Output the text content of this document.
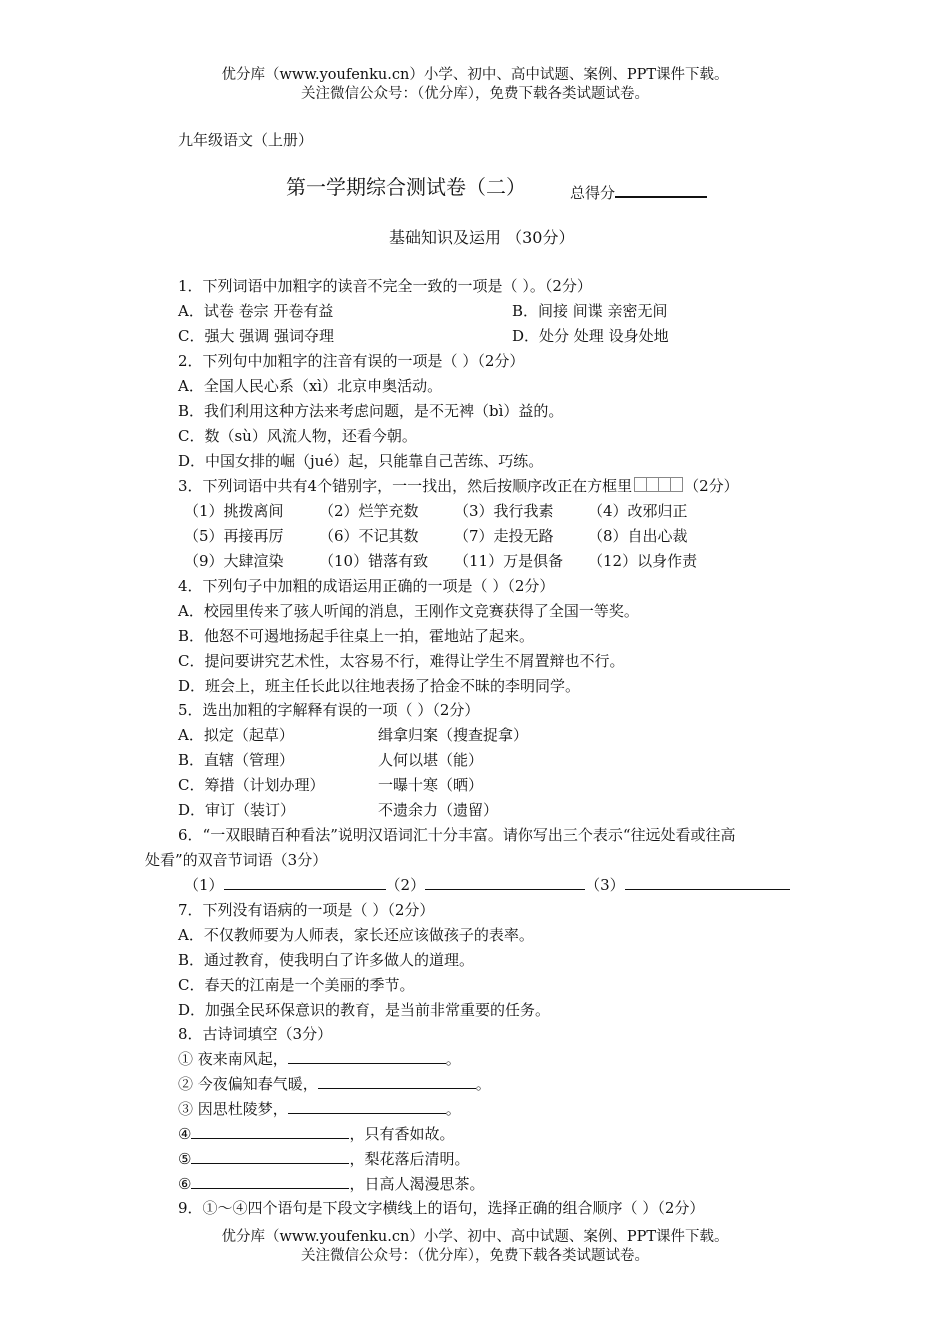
优分库（www.youfenku.cn）小学、初中、高中试题、案例、PPT课件下载。
关注微信公众号：（优分库），免费下载各类试题试卷。
九年级语文（上册）
第一学期综合测试卷（二）	总得分
基础知识及运用 （30分）
1．下列词语中加粗字的读音不完全一致的一项是（ ）。（2分）
A．试卷 卷宗 开卷有益	B．间接 间谍 亲密无间
C．强大 强调 强词夺理	D．处分 处理 设身处地
2．下列句中加粗字的注音有误的一项是（ ）（2分）
A．全国人民心系（xì）北京申奥活动。
B．我们利用这种方法来考虑问题，是不无裨（bì）益的。
C．数（sù）风流人物，还看今朝。
D．中国女排的崛（jué）起，只能靠自己苦练、巧练。
3．下列词语中共有4个错别字，一一找出，然后按顺序改正在方框里	（2分）
（1）挑拨离间 （2）烂竽充数 （3）我行我素 （4）改邪归正
（5）再接再厉 （6）不记其数 （7）走投无路 （8）自出心裁
（9）大肆渲染 （10）错落有致 （11）万是俱备 （12）以身作责
4．下列句子中加粗的成语运用正确的一项是（ ）（2分）
A．校园里传来了骇人听闻的消息，王刚作文竞赛获得了全国一等奖。
B．他怒不可遏地扬起手往桌上一拍，霍地站了起来。
C．提问要讲究艺术性，太容易不行，难得让学生不屑置辩也不行。
D．班会上，班主任长此以往地表扬了拾金不昧的李明同学。
5．选出加粗的字解释有误的一项（ ）（2分）
A．拟定（起草）	缉拿归案（搜查捉拿）
B．直辖（管理）	人何以堪（能）
C．筹措（计划办理）	一曝十寒（晒）
D．审订（装订）	不遗余力（遗留）
6．“一双眼睛百种看法”说明汉语词汇十分丰富。请你写出三个表示“往远处看或往高
处看”的双音节词语（3分）
（1）	（2）	（3）
7．下列没有语病的一项是（ ）（2分）
A．不仅教师要为人师表，家长还应该做孩子的表率。
B．通过教育，使我明白了许多做人的道理。
C．春天的江南是一个美丽的季节。
D．加强全民环保意识的教育，是当前非常重要的任务。
8．古诗词填空（3分）
① 夜来南风起，	。
② 今夜偏知春气暖，	。
③ 因思杜陵梦，	。
④	，只有香如故。
⑤	，梨花落后清明。
⑥	，日高人渴漫思茶。
9．①～④四个语句是下段文字横线上的语句，选择正确的组合顺序（ ）（2分）
优分库（www.youfenku.cn）小学、初中、高中试题、案例、PPT课件下载。
关注微信公众号：（优分库），免费下载各类试题试卷。
